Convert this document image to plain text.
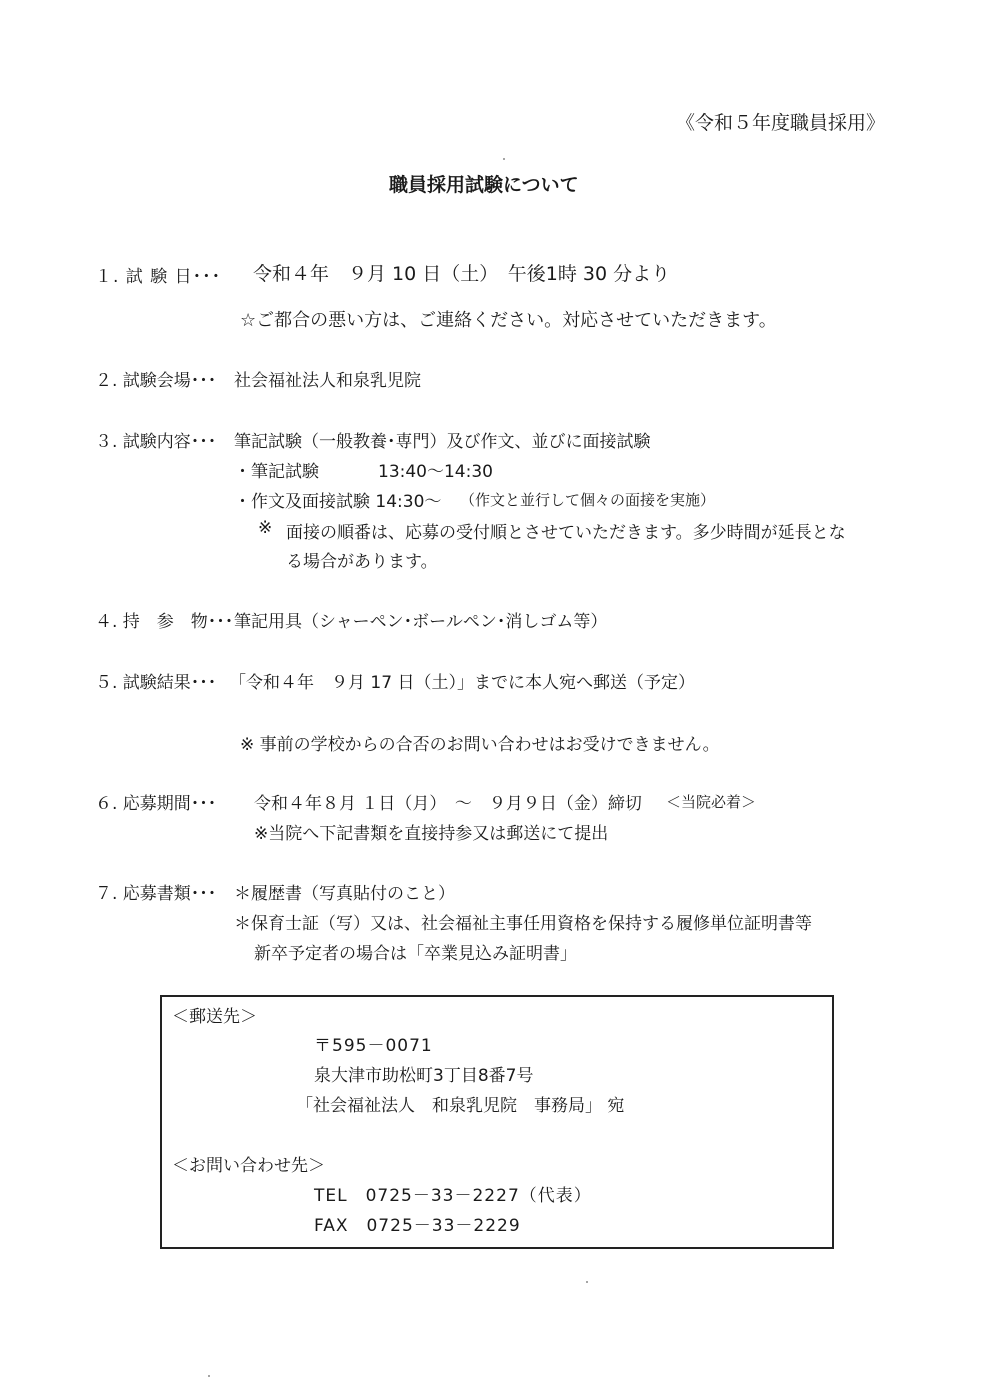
《令和５年度職員採用》
職員採用試験について
１. 試 験 日･･･ 令和４年　９月 10 日（土）　午後1時 30 分より
☆ご都合の悪い方は、ご連絡ください。対応させていただきます。
２. 試験会場･･･ 社会福祉法人和泉乳児院
３. 試験内容･･･ 筆記試験（一般教養･専門）及び作文、並びに面接試験
・筆記試験	13:40～14:30
・作文及面接試験 14:30～ （作文と並行して個々の面接を実施）
※ 面接の順番は、応募の受付順とさせていただきます。多少時間が延長とな
る場合があります。
４. 持　参　物･･･ 筆記用具（シャーペン･ボールペン･消しゴム等）
５. 試験結果･･･ 「令和４年　９月 17 日（土）」までに本人宛へ郵送（予定）
※ 事前の学校からの合否のお問い合わせはお受けできません。
６. 応募期間･･･ 令和４年８月 １日（月）　～　９月９日（金）締切 ＜当院必着＞
※当院へ下記書類を直接持参又は郵送にて提出
７. 応募書類･･･ ＊履歴書（写真貼付のこと）
＊保育士証（写）又は、社会福祉主事任用資格を保持する履修単位証明書等
新卒予定者の場合は「卒業見込み証明書」
＜郵送先＞
〒595－0071
泉大津市助松町3丁目8番7号
「社会福祉法人　和泉乳児院　事務局」 宛
＜お問い合わせ先＞
TEL　0725－33－2227（代表）
FAX　0725－33－2229
